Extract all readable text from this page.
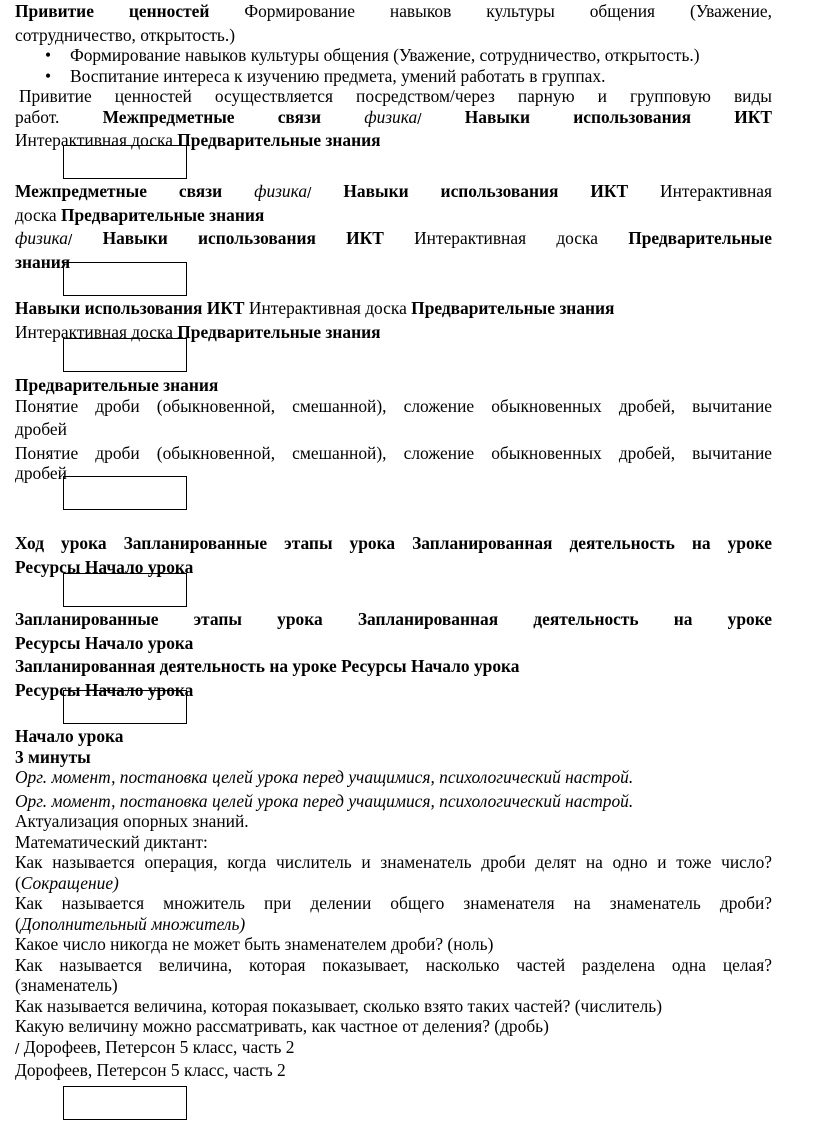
Привитие ценностей Формирование навыков культуры общения (Уважение,

сотрудничество, открытость.)

• Формирование навыков культуры общения (Уважение, сотрудничество, открытость.)
• Воспитание интереса к изучению предмета, умений работать в группах.

Привитие ценностей осуществляется посредством/через парную и групповую виды

работ. Межпредметные связи физика/ Навыки использования ИКТ

Интерактивная доска Предварительные знания

Межпредметные связи физика/ Навыки использования ИКТ Интерактивная

доска Предварительные знания

физика/ Навыки использования ИКТ Интерактивная доска Предварительные

знания

Навыки использования ИКТ Интерактивная доска Предварительные знания

Интерактивная доска Предварительные знания

Предварительные знания

Понятие дроби (обыкновенной, смешанной), сложение обыкновенных дробей, вычитание

дробей

Понятие дроби (обыкновенной, смешанной), сложение обыкновенных дробей, вычитание

дробей

Ход урока Запланированные этапы урока Запланированная деятельность на уроке

Ресурсы Начало урока

Запланированные этапы урока Запланированная деятельность на уроке

Ресурсы Начало урока

Запланированная деятельность на уроке Ресурсы Начало урока

Ресурсы Начало урока

Начало урока

3 минуты

Орг. момент, постановка целей урока перед учащимися, психологический настрой.

Орг. момент, постановка целей урока перед учащимися, психологический настрой.

Актуализация опорных знаний.

Математический диктант:

Как называется операция, когда числитель и знаменатель дроби делят на одно и тоже число?

(Сокращение)

Как называется множитель при делении общего знаменателя на знаменатель дроби?

(Дополнительный множитель)

Какое число никогда не может быть знаменателем дроби? (ноль)

Как называется величина, которая показывает, насколько частей разделена одна целая?

(знаменатель)

Как называется величина, которая показывает, сколько взято таких частей? (числитель)

Какую величину можно рассматривать, как частное от деления? (дробь)

/ Дорофеев, Петерсон 5 класс, часть 2

Дорофеев, Петерсон 5 класс, часть 2
